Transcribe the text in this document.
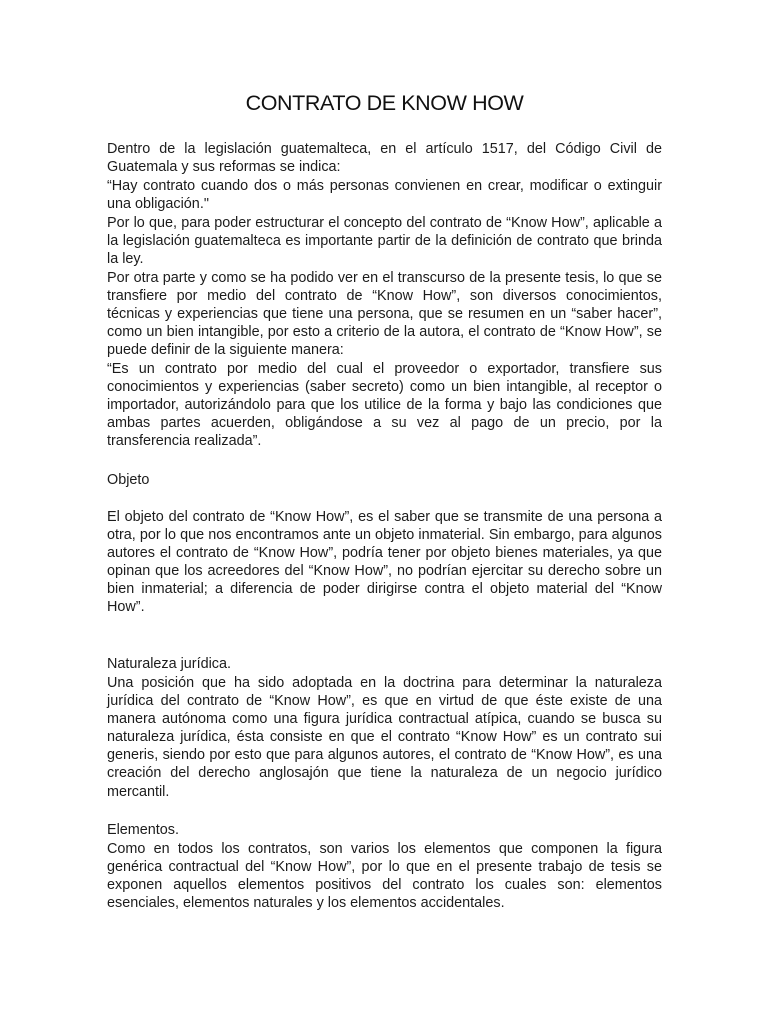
CONTRATO DE KNOW HOW

Dentro de la legislación guatemalteca, en el artículo 1517, del Código Civil de Guatemala y sus reformas se indica:

“Hay contrato cuando dos o más personas convienen en crear, modificar o extinguir una obligación."

Por lo que, para poder estructurar el concepto del contrato de “Know How”, aplicable a la legislación guatemalteca es importante partir de la definición de contrato que brinda la ley.

Por otra parte y como se ha podido ver en el transcurso de la presente tesis, lo que se transfiere por medio del contrato de “Know How”, son diversos conocimientos, técnicas y experiencias que tiene una persona, que se resumen en un “saber hacer”, como un bien intangible, por esto a criterio de la autora, el contrato de “Know How”, se puede definir de la siguiente manera:

“Es un contrato por medio del cual el proveedor o exportador, transfiere sus conocimientos y experiencias (saber secreto) como un bien intangible, al receptor o importador, autorizándolo para que los utilice de la forma y bajo las condiciones que ambas partes acuerden, obligándose a su vez al pago de un precio, por la transferencia realizada”.

Objeto

El objeto del contrato de “Know How”, es el saber que se transmite de una persona a otra, por lo que nos encontramos ante un objeto inmaterial. Sin embargo, para algunos autores el contrato de “Know How”, podría tener por objeto bienes materiales, ya que opinan que los acreedores del “Know How”, no podrían ejercitar su derecho sobre un bien inmaterial; a diferencia de poder dirigirse contra el objeto material del “Know How”.

Naturaleza jurídica.

Una posición que ha sido adoptada en la doctrina para determinar la naturaleza jurídica del contrato de “Know How”, es que en virtud de que éste existe de una manera autónoma como una figura jurídica contractual atípica, cuando se busca su naturaleza jurídica, ésta consiste en que el contrato “Know How” es un contrato sui generis, siendo por esto que para algunos autores, el contrato de “Know How”, es una creación del derecho anglosajón que tiene la naturaleza de un negocio jurídico mercantil.

Elementos.

Como en todos los contratos, son varios los elementos que componen la figura genérica contractual del “Know How”, por lo que en el presente trabajo de tesis se exponen aquellos elementos positivos del contrato los cuales son: elementos esenciales, elementos naturales y los elementos accidentales.
